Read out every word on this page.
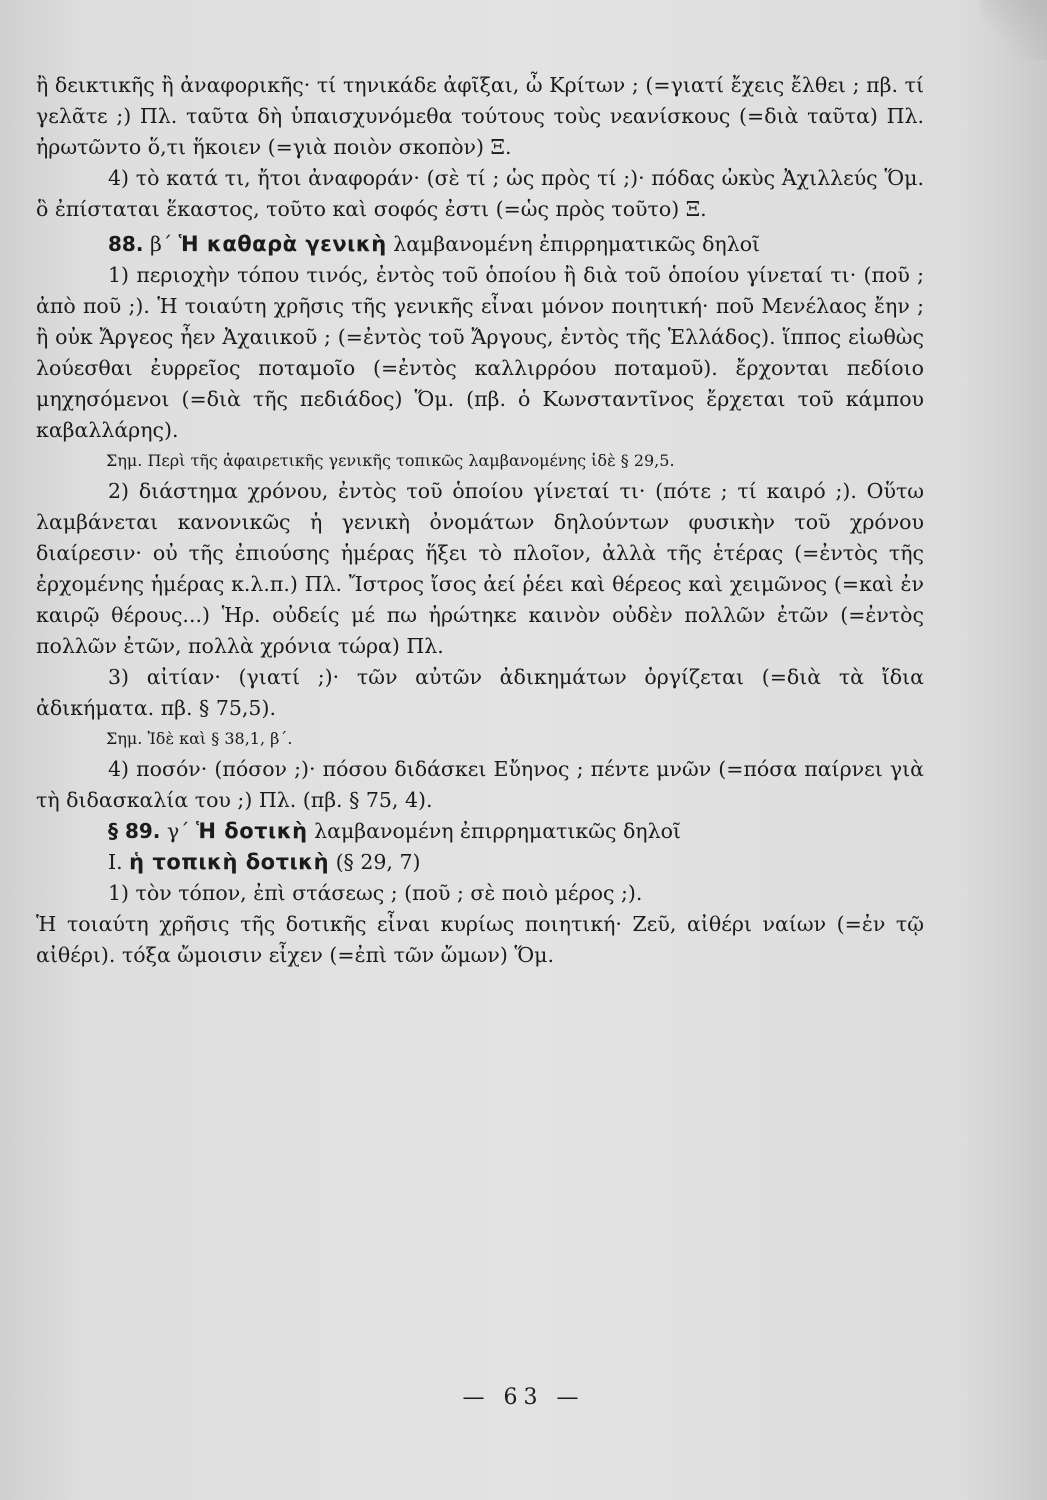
ἢ δεικτικῆς ἢ ἀναφορικῆς· τί τηνικάδε ἀφῖξαι, ὦ Κρίτων ; (=γιατί ἔχεις ἔλθει ; πβ. τί γελᾶτε ;) Πλ. ταῦτα δὴ ὑπαισχυνόμεθα τούτους τοὺς νεανίσκους (=διὰ ταῦτα) Πλ. ἠρωτῶντο ὅ,τι ἥκοιεν (=γιὰ ποιὸν σκοπὸν) Ξ.

4) τὸ κατά τι, ἤτοι ἀναφοράν· (σὲ τί ; ὡς πρὸς τί ;)· πόδας ὠκὺς Ἀχιλλεύς Ὅμ. ὃ ἐπίσταται ἕκαστος, τοῦτο καὶ σοφός ἐστι (=ὡς πρὸς τοῦτο) Ξ.

88. β΄ Ἡ καθαρὰ γενικὴ λαμβανομένη ἐπιρρηματικῶς δηλοῖ

1) περιοχὴν τόπου τινός, ἐντὸς τοῦ ὁποίου ἢ διὰ τοῦ ὁποίου γίνεταί τι· (ποῦ ; ἀπὸ ποῦ ;). Ἡ τοιαύτη χρῆσις τῆς γενικῆς εἶναι μόνον ποιητική· ποῦ Μενέλαος ἔην ; ἢ οὐκ Ἄργεος ἦεν Ἀχαιικοῦ ; (=ἐντὸς τοῦ Ἄργους, ἐντὸς τῆς Ἑλλάδος). ἵππος εἰωθὼς λούεσθαι ἐυρρεῖος ποταμοῖο (=ἐντὸς καλλιρρόου ποταμοῦ). ἔρχονται πεδίοιο μηχησόμενοι (=διὰ τῆς πεδιάδος) Ὅμ. (πβ. ὁ Κωνσταντῖνος ἔρχεται τοῦ κάμπου καβαλλάρης).

Σημ. Περὶ τῆς ἀφαιρετικῆς γενικῆς τοπικῶς λαμβανομένης ἰδὲ § 29,5.

2) διάστημα χρόνου, ἐντὸς τοῦ ὁποίου γίνεταί τι· (πότε ; τί καιρό ;). Οὕτω λαμβάνεται κανονικῶς ἡ γενικὴ ὀνομάτων δηλούντων φυσικὴν τοῦ χρόνου διαίρεσιν· οὐ τῆς ἐπιούσης ἡμέρας ἥξει τὸ πλοῖον, ἀλλὰ τῆς ἑτέρας (=ἐντὸς τῆς ἐρχομένης ἡμέρας κ.λ.π.) Πλ. Ἴστρος ἴσος ἀεί ῥέει καὶ θέρεος καὶ χειμῶνος (=καὶ ἐν καιρῷ θέρους...) Ἡρ. οὐδείς μέ πω ἠρώτηκε καινὸν οὐδὲν πολλῶν ἐτῶν (=ἐντὸς πολλῶν ἐτῶν, πολλὰ χρόνια τώρα) Πλ.

3) αἰτίαν· (γιατί ;)· τῶν αὐτῶν ἀδικημάτων ὀργίζεται (=διὰ τὰ ἴδια ἀδικήματα. πβ. § 75,5).

Σημ. Ἰδὲ καὶ § 38,1, β΄.

4) ποσόν· (πόσον ;)· πόσου διδάσκει Εὔηνος ; πέντε μνῶν (=πόσα παίρνει γιὰ τὴ διδασκαλία του ;) Πλ. (πβ. § 75, 4).

§ 89. γ΄ Ἡ δοτικὴ λαμβανομένη ἐπιρρηματικῶς δηλοῖ

I. ἡ τοπικὴ δοτικὴ (§ 29, 7)

1) τὸν τόπον, ἐπὶ στάσεως ; (ποῦ ; σὲ ποιὸ μέρος ;).

Ἡ τοιαύτη χρῆσις τῆς δοτικῆς εἶναι κυρίως ποιητική· Ζεῦ, αἰθέρι ναίων (=ἐν τῷ αἰθέρι). τόξα ὤμοισιν εἶχεν (=ἐπὶ τῶν ὤμων) Ὅμ.

— 63 —
